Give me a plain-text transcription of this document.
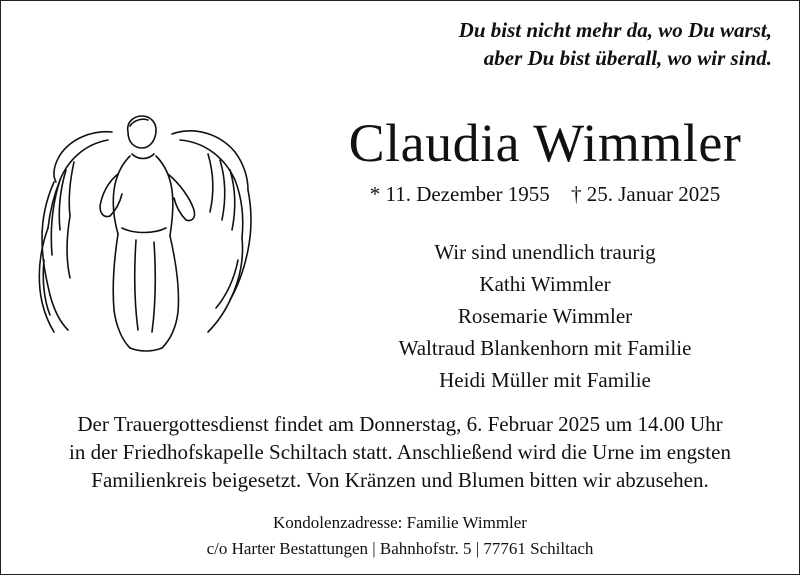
Du bist nicht mehr da, wo Du warst,
aber Du bist überall, wo wir sind.
Claudia Wimmler
* 11. Dezember 1955 † 25. Januar 2025
Wir sind unendlich traurig
Kathi Wimmler
Rosemarie Wimmler
Waltraud Blankenhorn mit Familie
Heidi Müller mit Familie
Der Trauergottesdienst findet am Donnerstag, 6. Februar 2025 um 14.00 Uhr
in der Friedhofskapelle Schiltach statt. Anschließend wird die Urne im engsten
Familienkreis beigesetzt. Von Kränzen und Blumen bitten wir abzusehen.
Kondolenzadresse: Familie Wimmler
c/o Harter Bestattungen | Bahnhofstr. 5 | 77761 Schiltach
